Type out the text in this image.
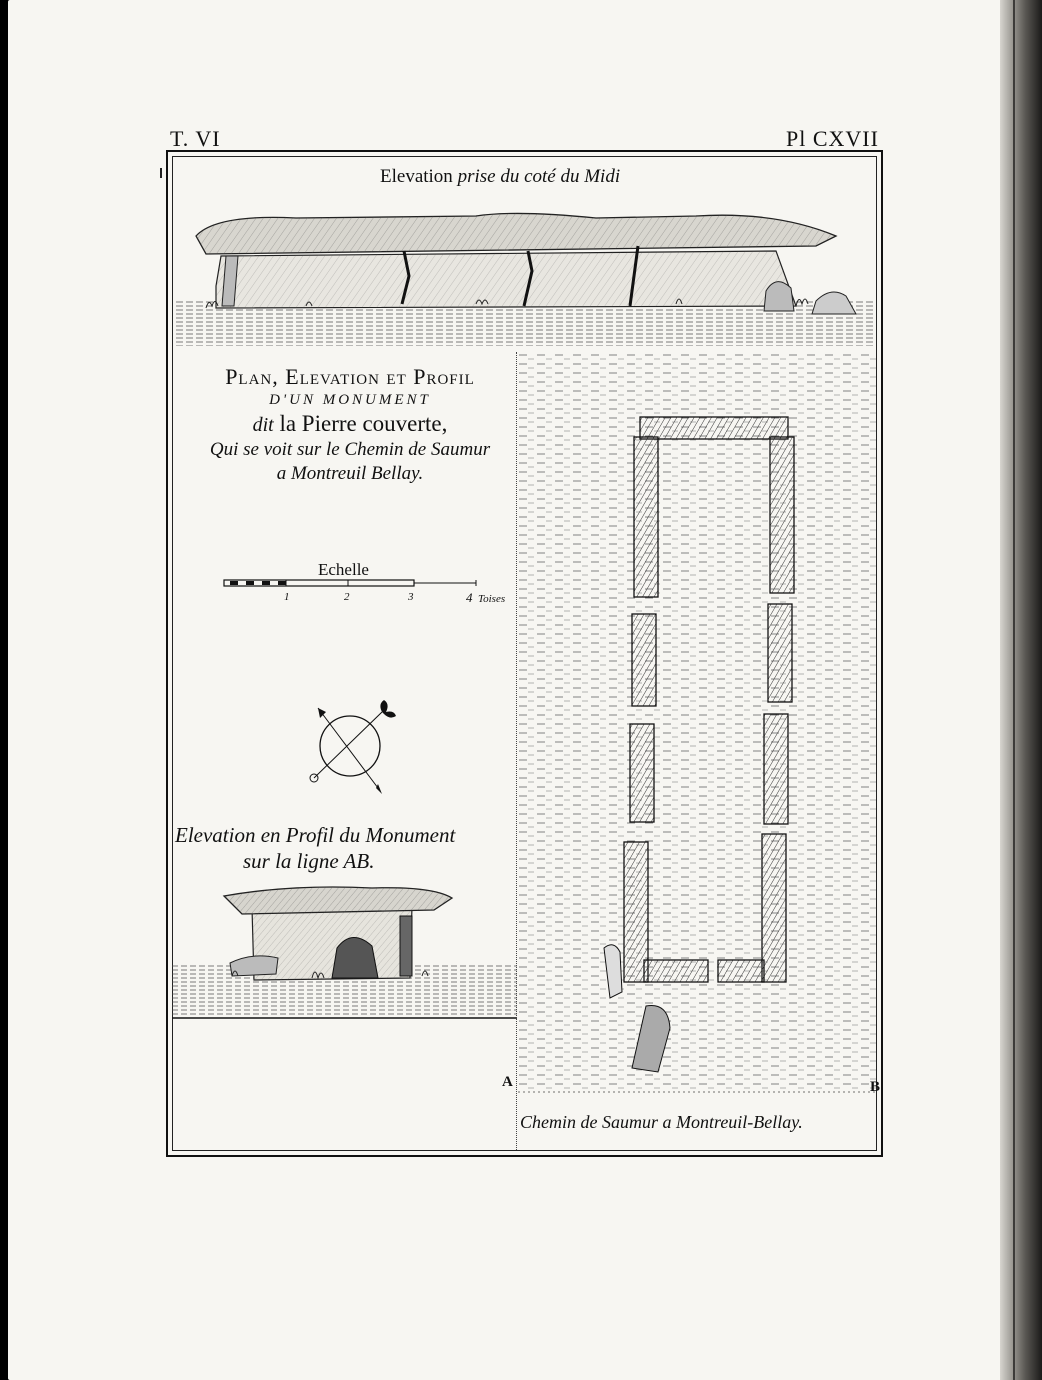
T. VI	Pl CXVII
Elevation prise du coté du Midi
Plan, Elevation et Profil
D'UN MONUMENT
dit la Pierre couverte,
Qui se voit sur le Chemin de Saumur
a Montreuil Bellay.
Echelle
1	2	3	4 Toises
Elevation en Profil du Monument
sur la ligne AB.
A	B
Chemin de Saumur a Montreuil-Bellay.
